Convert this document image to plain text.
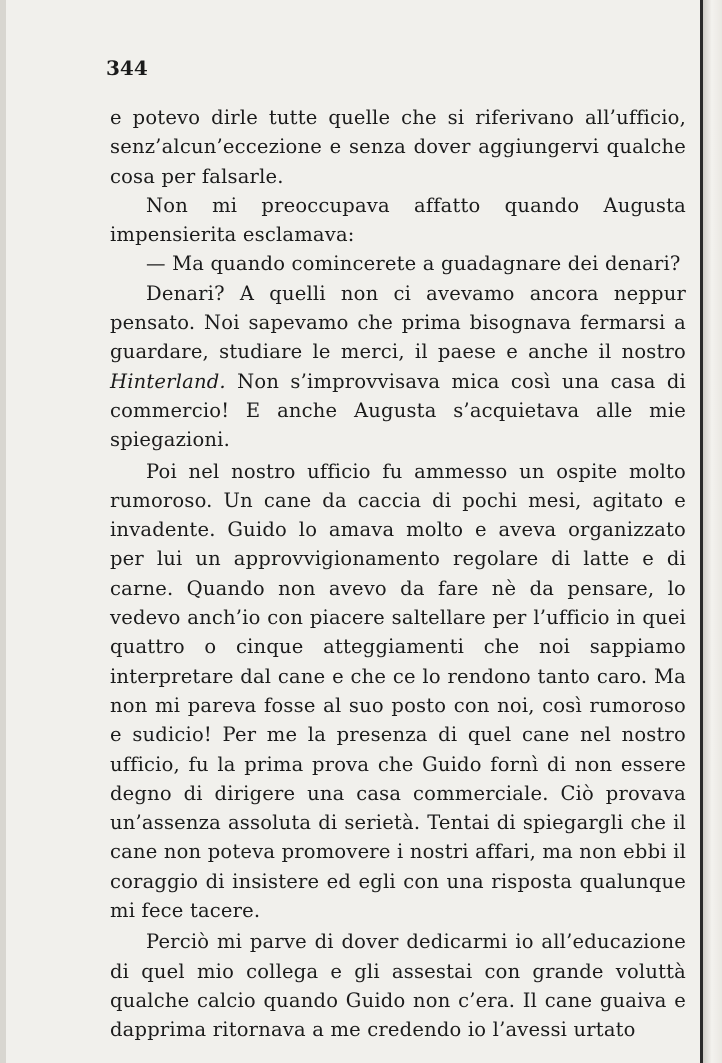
344

e potevo dirle tutte quelle che si riferivano all’ufficio, senz’alcun’eccezione e senza dover aggiungervi qualche cosa per falsarle.

Non mi preoccupava affatto quando Augusta impensierita esclamava:

— Ma quando comincerete a guadagnare dei denari?

Denari? A quelli non ci avevamo ancora neppur pensato. Noi sapevamo che prima bisognava fermarsi a guardare, studiare le merci, il paese e anche il nostro Hinterland. Non s’improvvisava mica così una casa di commercio! E anche Augusta s’acquietava alle mie spiegazioni.

Poi nel nostro ufficio fu ammesso un ospite molto rumoroso. Un cane da caccia di pochi mesi, agitato e invadente. Guido lo amava molto e aveva organizzato per lui un approvvigionamento regolare di latte e di carne. Quando non avevo da fare nè da pensare, lo vedevo anch’io con piacere saltellare per l’ufficio in quei quattro o cinque atteggiamenti che noi sappiamo interpretare dal cane e che ce lo rendono tanto caro. Ma non mi pareva fosse al suo posto con noi, così rumoroso e sudicio! Per me la presenza di quel cane nel nostro ufficio, fu la prima prova che Guido fornì di non essere degno di dirigere una casa commerciale. Ciò provava un’assenza assoluta di serietà. Tentai di spiegargli che il cane non poteva promovere i nostri affari, ma non ebbi il coraggio di insistere ed egli con una risposta qualunque mi fece tacere.

Perciò mi parve di dover dedicarmi io all’educazione di quel mio collega e gli assestai con grande voluttà qualche calcio quando Guido non c’era. Il cane guaiva e dapprima ritornava a me credendo io l’avessi urtato
